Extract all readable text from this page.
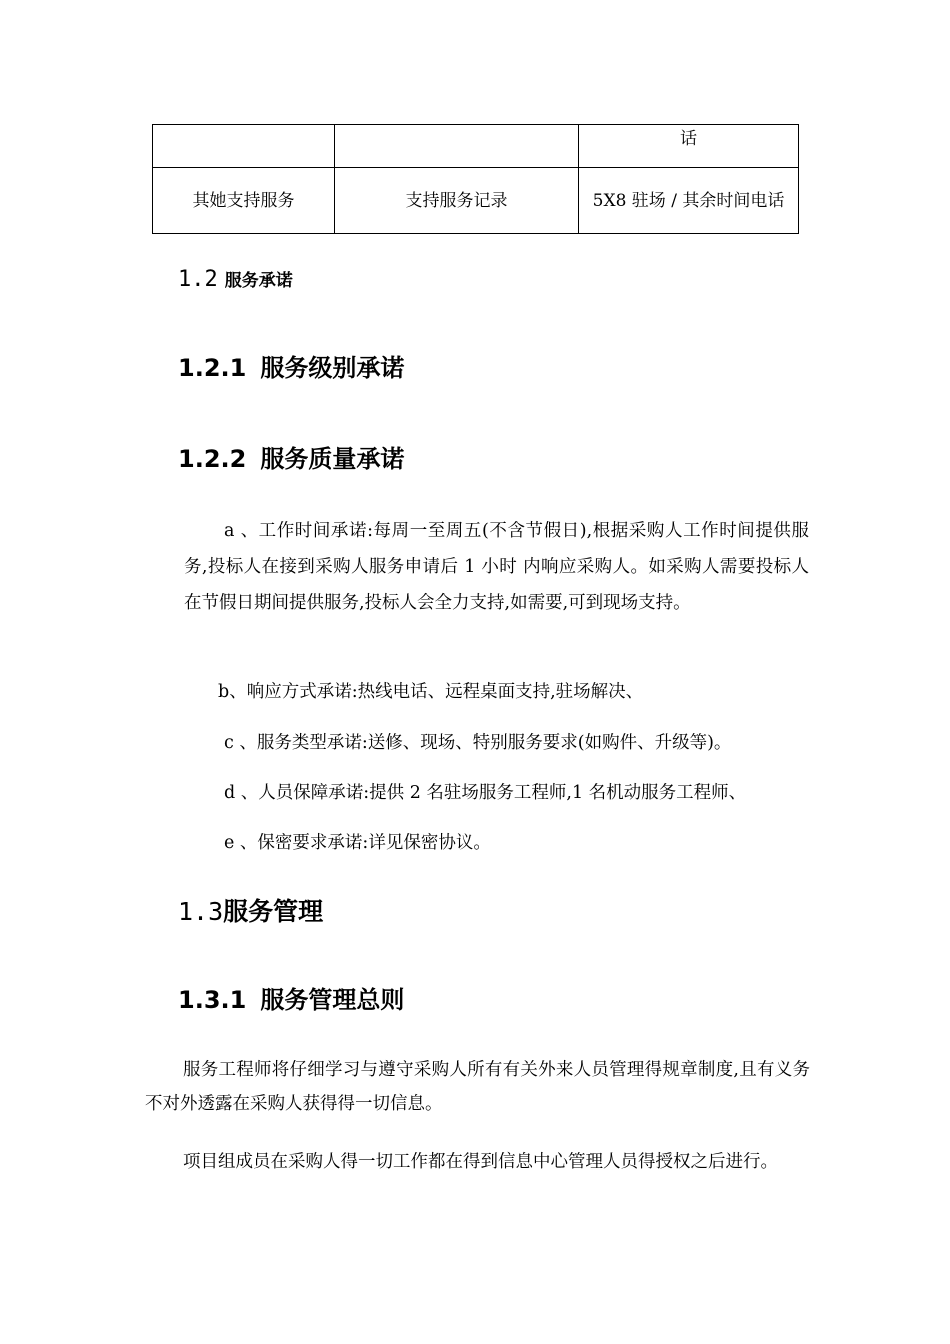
		话
其她支持服务	支持服务记录	5X8 驻场 / 其余时间电话
1.2 服务承诺
1.2.1 服务级别承诺
1.2.2 服务质量承诺
a 、工作时间承诺:每周一至周五(不含节假日),根据采购人工作时间提供服务,投标人在接到采购人服务申请后 1 小时 内响应采购人。如采购人需要投标人在节假日期间提供服务,投标人会全力支持,如需要,可到现场支持。
b、响应方式承诺:热线电话、远程桌面支持,驻场解决、
c 、服务类型承诺:送修、现场、特别服务要求(如购件、升级等)。
d 、人员保障承诺:提供 2 名驻场服务工程师,1 名机动服务工程师、
e 、保密要求承诺:详见保密协议。
1.3服务管理
1.3.1 服务管理总则
服务工程师将仔细学习与遵守采购人所有有关外来人员管理得规章制度,且有义务不对外透露在采购人获得得一切信息。
项目组成员在采购人得一切工作都在得到信息中心管理人员得授权之后进行。
